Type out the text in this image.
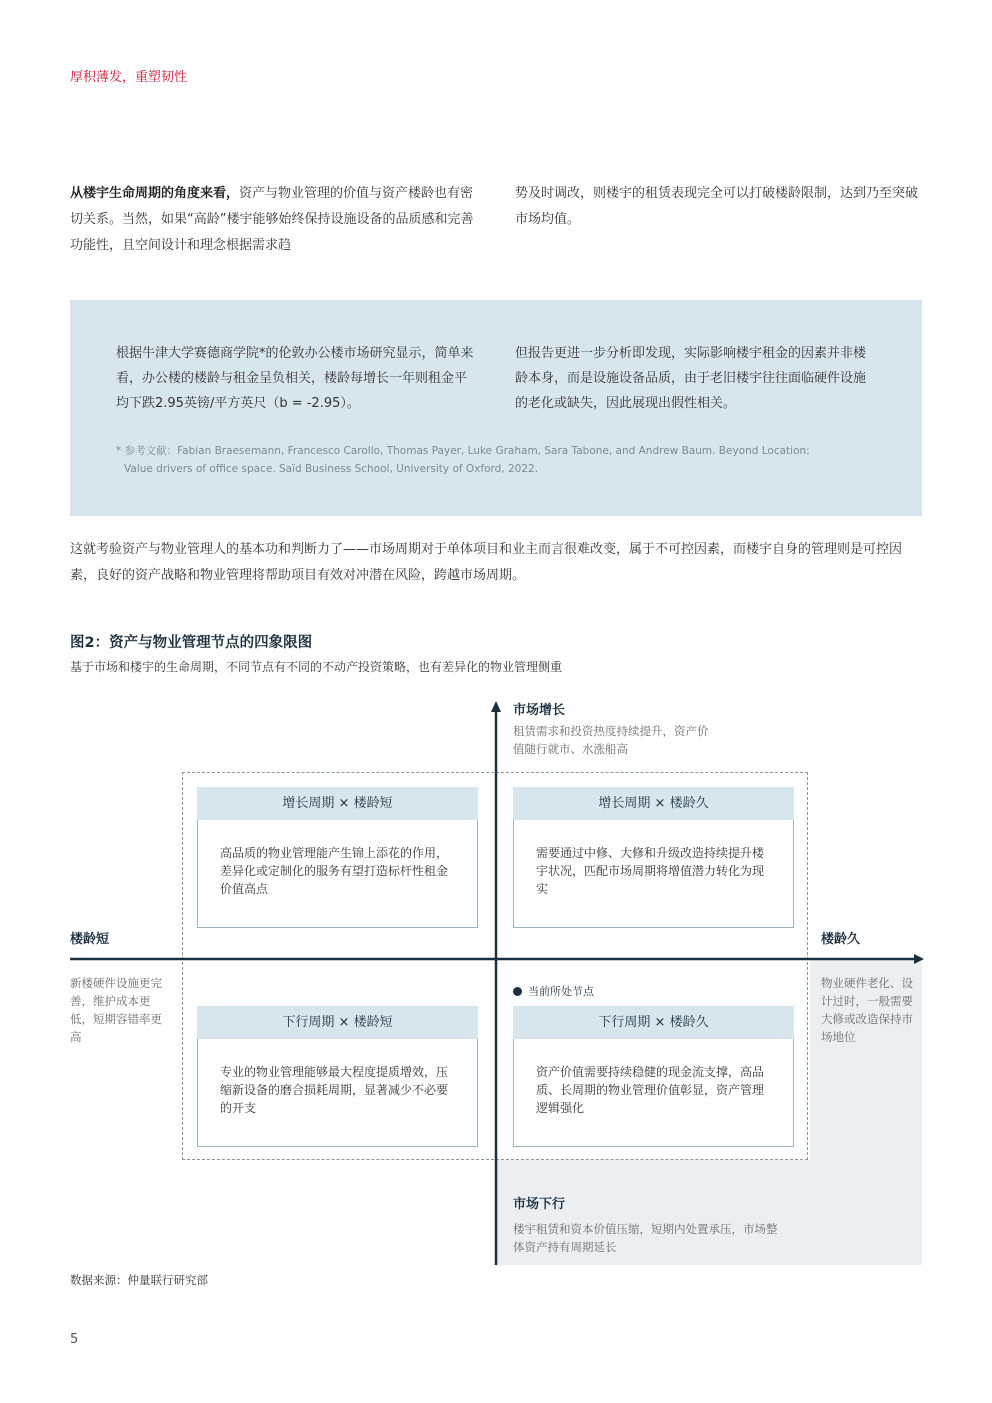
厚积薄发，重塑韧性
从楼宇生命周期的角度来看，资产与物业管理的价值与资产楼龄也有密切关系。当然，如果“高龄”楼宇能够始终保持设施设备的品质感和完善功能性，且空间设计和理念根据需求趋
势及时调改，则楼宇的租赁表现完全可以打破楼龄限制，达到乃至突破市场均值。
根据牛津大学赛德商学院*的伦敦办公楼市场研究显示，简单来看，办公楼的楼龄与租金呈负相关，楼龄每增长一年则租金平均下跌2.95英镑/平方英尺（b = -2.95）。
但报告更进一步分析即发现，实际影响楼宇租金的因素并非楼龄本身，而是设施设备品质，由于老旧楼宇往往面临硬件设施的老化或缺失，因此展现出假性相关。
* 参考文献：Fabian Braesemann, Francesco Carollo, Thomas Payer, Luke Graham, Sara Tabone, and Andrew Baum. Beyond Location:
Value drivers of office space. Saïd Business School, University of Oxford, 2022.
这就考验资产与物业管理人的基本功和判断力了——市场周期对于单体项目和业主而言很难改变，属于不可控因素，而楼宇自身的管理则是可控因素，良好的资产战略和物业管理将帮助项目有效对冲潜在风险，跨越市场周期。
图2：资产与物业管理节点的四象限图
基于市场和楼宇的生命周期，不同节点有不同的不动产投资策略，也有差异化的物业管理侧重
市场增长
租赁需求和投资热度持续提升，资产价值随行就市、水涨船高
市场下行
楼宇租赁和资本价值压缩，短期内处置承压，市场整体资产持有周期延长
楼龄短
新楼硬件设施更完善，维护成本更低，短期容错率更高
楼龄久
物业硬件老化、设计过时，一般需要大修或改造保持市场地位
增长周期 × 楼龄短
高品质的物业管理能产生锦上添花的作用，差异化或定制化的服务有望打造标杆性租金价值高点
增长周期 × 楼龄久
需要通过中修、大修和升级改造持续提升楼宇状况，匹配市场周期将增值潜力转化为现实
下行周期 × 楼龄短
专业的物业管理能够最大程度提质增效，压缩新设备的磨合损耗周期，显著减少不必要的开支
下行周期 × 楼龄久
资产价值需要持续稳健的现金流支撑，高品质、长周期的物业管理价值彰显，资产管理逻辑强化
当前所处节点
数据来源：仲量联行研究部
5
